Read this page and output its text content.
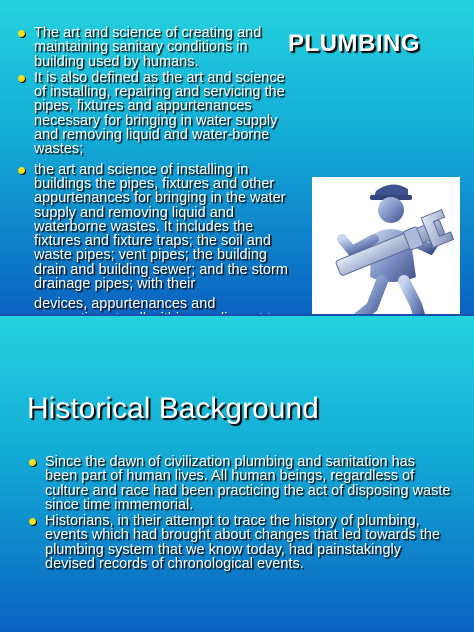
The art and science of creating and maintaining sanitary conditions in building used by humans.
It is also defined as the art and science of installing, repairing and servicing the pipes, fixtures and appurtenances necessary for bringing in water supply and removing liquid and water-borne wastes;
the art and science of installing in buildings the pipes, fixtures and other appurtenances for bringing in the water supply and removing liquid and waterborne wastes. It includes the fixtures and fixture traps; the soil and waste pipes; vent pipes; the building drain and building sewer; and the storm drainage pipes; with their
devices, appurtenances and
PLUMBING
Historical Background
Since the dawn of civilization plumbing and sanitation has been part of human lives. All human beings, regardless of culture and race had been practicing the act of disposing waste since time immemorial.
Historians, in their attempt to trace the history of plumbing, events which had brought about changes that led towards the plumbing system that we know today, had painstakingly devised records of chronological events.
